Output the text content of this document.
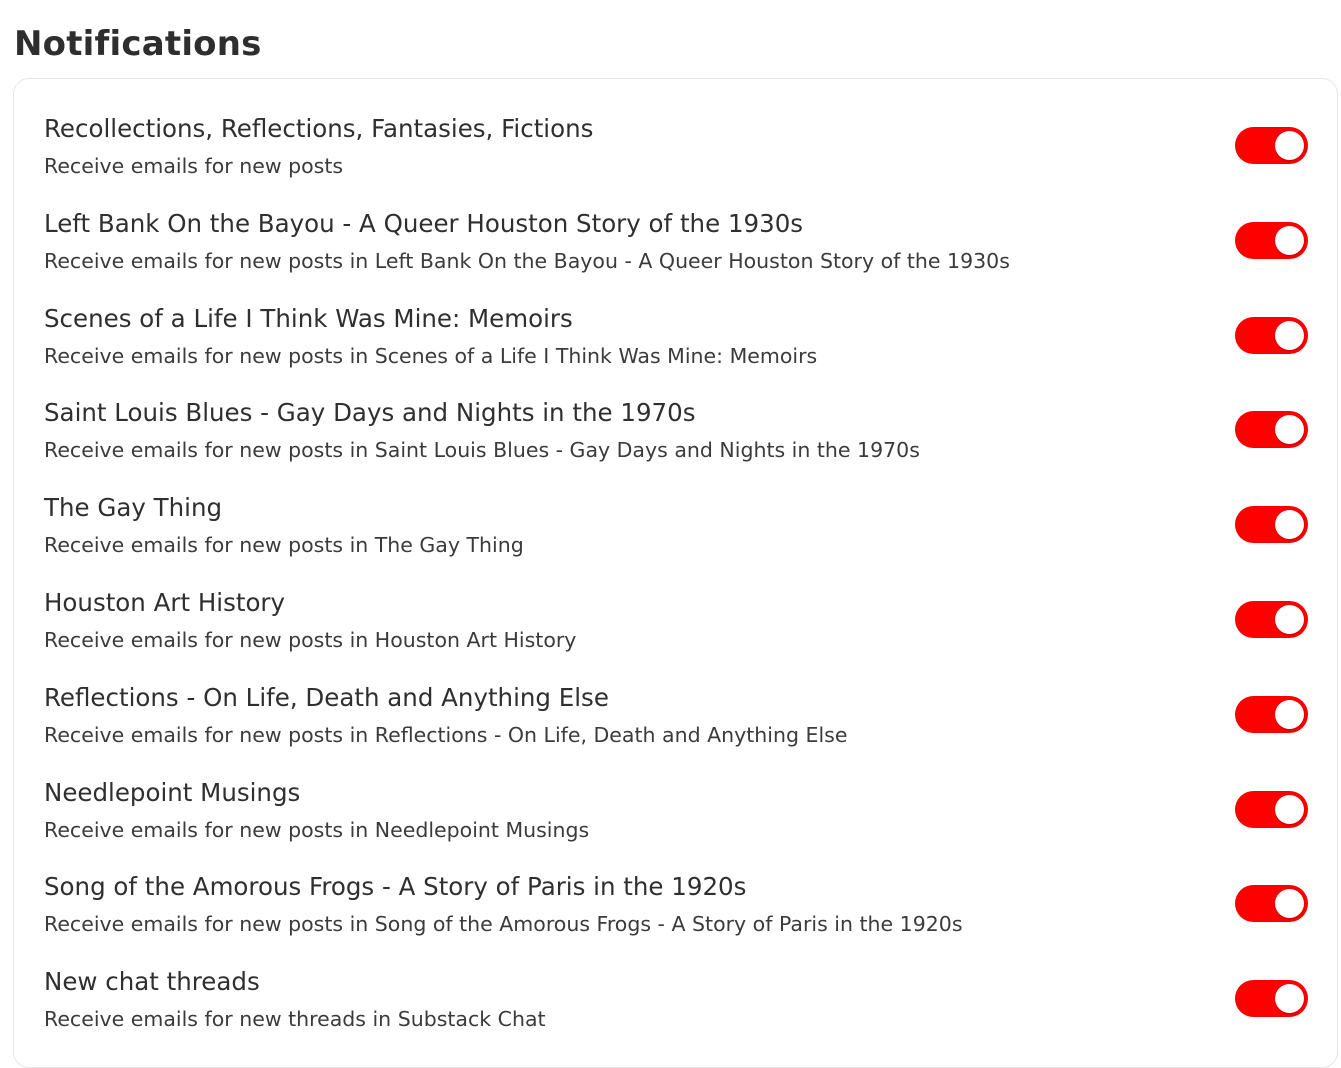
Notifications
Recollections, Reflections, Fantasies, Fictions
Receive emails for new posts
Left Bank On the Bayou - A Queer Houston Story of the 1930s
Receive emails for new posts in Left Bank On the Bayou - A Queer Houston Story of the 1930s
Scenes of a Life I Think Was Mine: Memoirs
Receive emails for new posts in Scenes of a Life I Think Was Mine: Memoirs
Saint Louis Blues - Gay Days and Nights in the 1970s
Receive emails for new posts in Saint Louis Blues - Gay Days and Nights in the 1970s
The Gay Thing
Receive emails for new posts in The Gay Thing
Houston Art History
Receive emails for new posts in Houston Art History
Reflections - On Life, Death and Anything Else
Receive emails for new posts in Reflections - On Life, Death and Anything Else
Needlepoint Musings
Receive emails for new posts in Needlepoint Musings
Song of the Amorous Frogs - A Story of Paris in the 1920s
Receive emails for new posts in Song of the Amorous Frogs - A Story of Paris in the 1920s
New chat threads
Receive emails for new threads in Substack Chat
